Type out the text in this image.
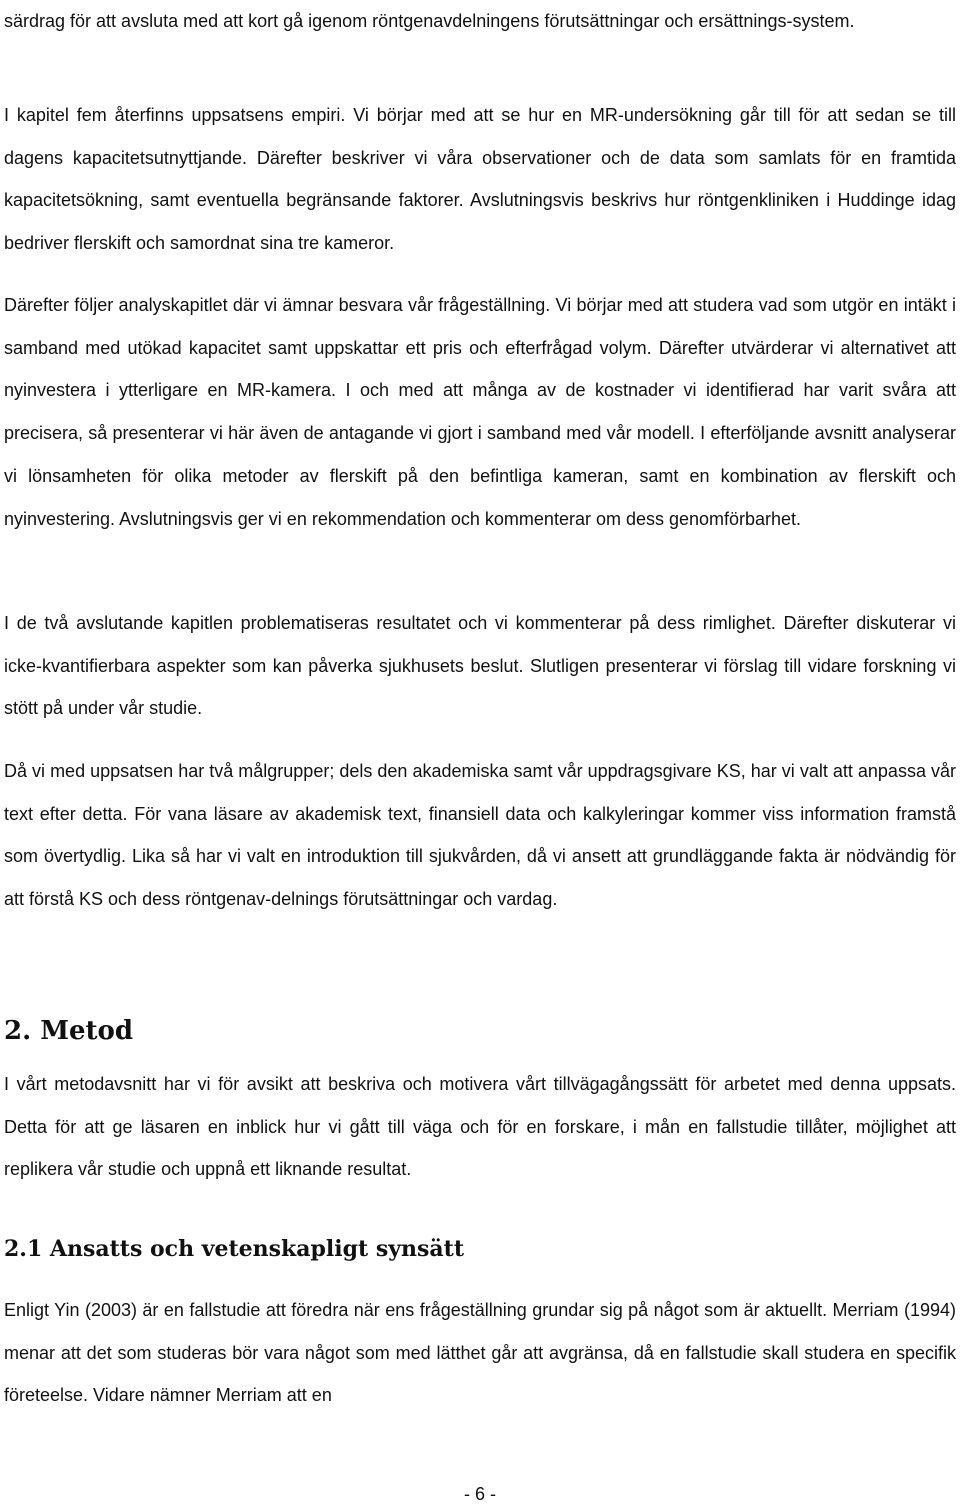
särdrag för att avsluta med att kort gå igenom röntgenavdelningens förutsättningar och ersättnings-system.

I kapitel fem återfinns uppsatsens empiri. Vi börjar med att se hur en MR-undersökning går till för att sedan se till dagens kapacitetsutnyttjande. Därefter beskriver vi våra observationer och de data som samlats för en framtida kapacitetsökning, samt eventuella begränsande faktorer. Avslutningsvis beskrivs hur röntgenkliniken i Huddinge idag bedriver flerskift och samordnat sina tre kameror.

Därefter följer analyskapitlet där vi ämnar besvara vår frågeställning. Vi börjar med att studera vad som utgör en intäkt i samband med utökad kapacitet samt uppskattar ett pris och efterfrågad volym. Därefter utvärderar vi alternativet att nyinvestera i ytterligare en MR-kamera. I och med att många av de kostnader vi identifierad har varit svåra att precisera, så presenterar vi här även de antagande vi gjort i samband med vår modell. I efterföljande avsnitt analyserar vi lönsamheten för olika metoder av flerskift på den befintliga kameran, samt en kombination av flerskift och nyinvestering. Avslutningsvis ger vi en rekommendation och kommenterar om dess genomförbarhet.

I de två avslutande kapitlen problematiseras resultatet och vi kommenterar på dess rimlighet. Därefter diskuterar vi icke-kvantifierbara aspekter som kan påverka sjukhusets beslut. Slutligen presenterar vi förslag till vidare forskning vi stött på under vår studie.

Då vi med uppsatsen har två målgrupper; dels den akademiska samt vår uppdragsgivare KS, har vi valt att anpassa vår text efter detta. För vana läsare av akademisk text, finansiell data och kalkyleringar kommer viss information framstå som övertydlig. Lika så har vi valt en introduktion till sjukvården, då vi ansett att grundläggande fakta är nödvändig för att förstå KS och dess röntgenav-delnings förutsättningar och vardag.

2. Metod

I vårt metodavsnitt har vi för avsikt att beskriva och motivera vårt tillvägagångssätt för arbetet med denna uppsats. Detta för att ge läsaren en inblick hur vi gått till väga och för en forskare, i mån en fallstudie tillåter, möjlighet att replikera vår studie och uppnå ett liknande resultat.

2.1 Ansatts och vetenskapligt synsätt

Enligt Yin (2003) är en fallstudie att föredra när ens frågeställning grundar sig på något som är aktuellt. Merriam (1994) menar att det som studeras bör vara något som med lätthet går att avgränsa, då en fallstudie skall studera en specifik företeelse. Vidare nämner Merriam att en

- 6 -
